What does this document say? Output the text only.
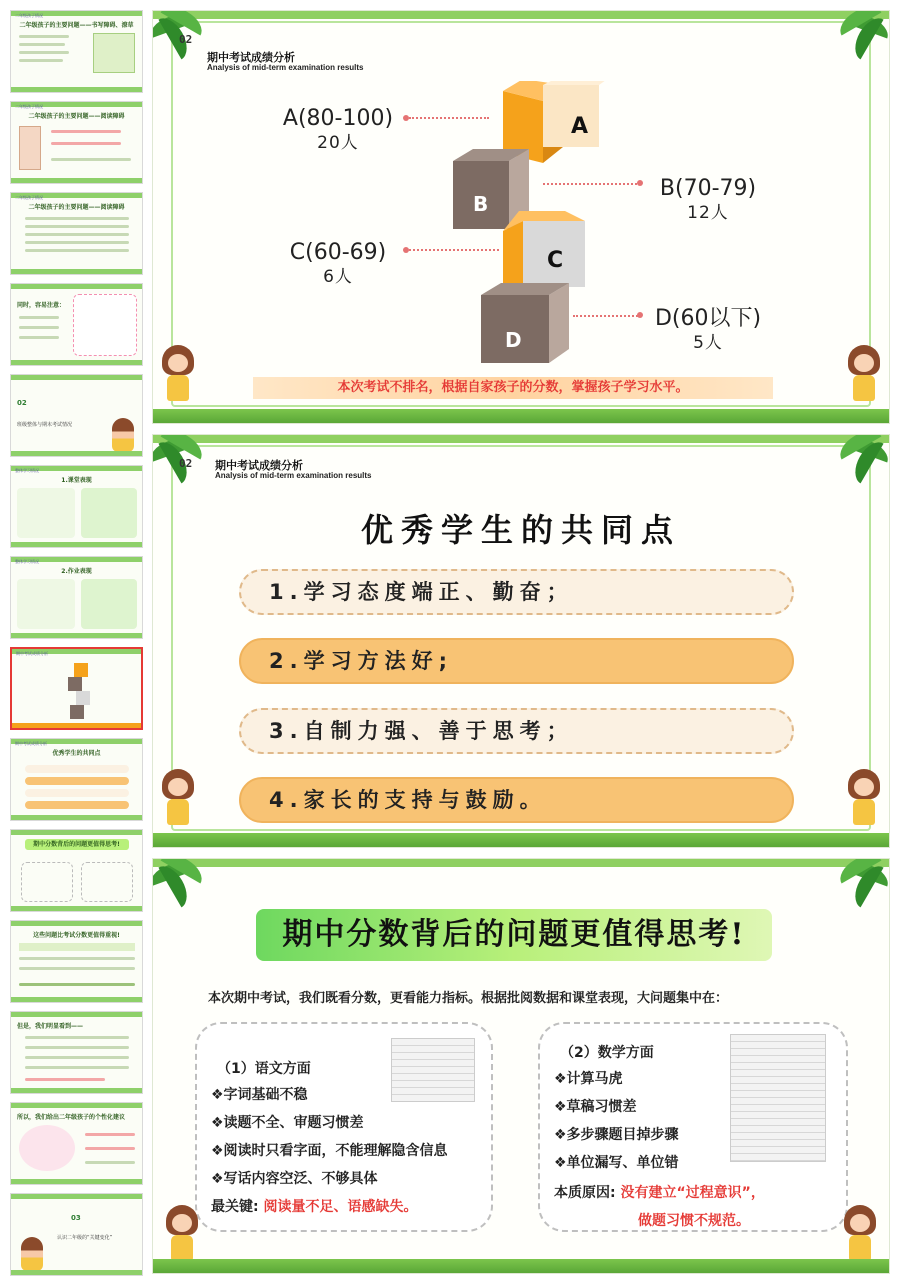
二年级孩子情况
二年级孩子的主要问题——书写障碍、潦草
二年级孩子情况
二年级孩子的主要问题——阅读障碍
二年级孩子情况
二年级孩子的主要问题——阅读障碍
同时，容易注意：
02
班级整体与期末考试情况
整体学习情况
1.课堂表现
整体学习情况
2.作业表现
期中考试成绩分析
期中考试成绩分析
优秀学生的共同点
期中分数背后的问题更值得思考!
这些问题比考试分数更值得重视!
但是，我们明显看到——
所以，我们给出二年级孩子的个性化建议
03
认识二年级的“关键变化”
02
期中考试成绩分析
Analysis of mid-term examination results
A(80-100)
20人
B(70-79)
12人
C(60-69)
6人
D(60以下)
5人
A
B
C
D
本次考试不排名，根据自家孩子的分数，掌握孩子学习水平。
02 期中考试成绩分析
Analysis of mid-term examination results
优秀学生的共同点
1.学习态度端正、勤奋；
2.学习方法好;
3.自制力强、善于思考；
4.家长的支持与鼓励。
期中分数背后的问题更值得思考!
本次期中考试，我们既看分数，更看能力指标。根据批阅数据和课堂表现，大问题集中在：
（1）语文方面
❖字词基础不稳
❖读题不全、审题习惯差
❖阅读时只看字面，不能理解隐含信息
❖写话内容空泛、不够具体
最关键: 阅读量不足、语感缺失。
（2）数学方面
❖计算马虎
❖草稿习惯差
❖多步骤题目掉步骤
❖单位漏写、单位错
本质原因: 没有建立“过程意识”，
做题习惯不规范。
